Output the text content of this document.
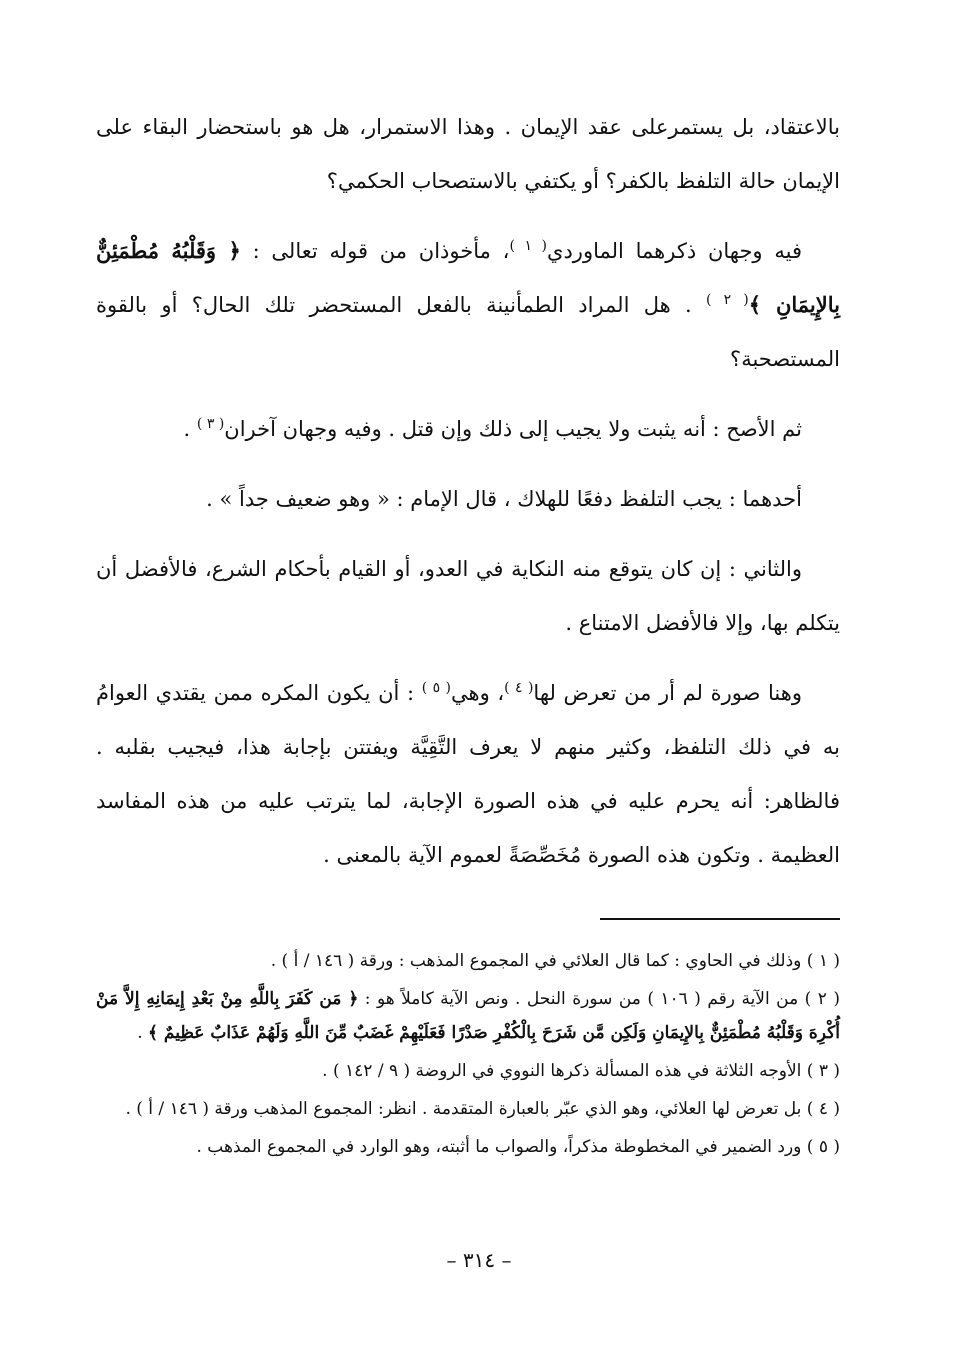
بالاعتقاد، بل يستمرعلى عقد الإيمان . وهذا الاستمرار، هل هو باستحضار البقاء على الإيمان حالة التلفظ بالكفر؟ أو يكتفي بالاستصحاب الحكمي؟

فيه وجهان ذكرهما الماوردي$^{( ١ )}$، مأخوذان من قوله تعالى : ﴿ وَقَلْبُهُ مُطْمَئِنٌّ بِالإِيمَانِ ﴾$^{( ٢ )}$ . هل المراد الطمأنينة بالفعل المستحضر تلك الحال؟ أو بالقوة المستصحبة؟

ثم الأصح : أنه يثبت ولا يجيب إلى ذلك وإن قتل . وفيه وجهان آخران$^{( ٣ )}$ .

أحدهما : يجب التلفظ دفعًا للهلاك ، قال الإمام : « وهو ضعيف جداً » .

والثاني : إن كان يتوقع منه النكاية في العدو، أو القيام بأحكام الشرع، فالأفضل أن يتكلم بها، وإلا فالأفضل الامتناع .

وهنا صورة لم أر من تعرض لها$^{( ٤ )}$، وهي$^{( ٥ )}$ : أن يكون المكره ممن يقتدي العوامُ به في ذلك التلفظ، وكثير منهم لا يعرف التَّقِيَّة ويفتتن بإجابة هذا، فيجيب بقلبه . فالظاهر: أنه يحرم عليه في هذه الصورة الإجابة، لما يترتب عليه من هذه المفاسد العظيمة . وتكون هذه الصورة مُخَصِّصَةً لعموم الآية بالمعنى .

( ١ ) وذلك في الحاوي : كما قال العلائي في المجموع المذهب : ورقة ( ١٤٦ / أ ) .

( ٢ ) من الآية رقم ( ١٠٦ ) من سورة النحل . ونص الآية كاملاً هو : ﴿ مَن كَفَرَ بِاللَّهِ مِنْ بَعْدِ إِيمَانِهِ إِلاَّ مَنْ أُكْرِهَ وَقَلْبُهُ مُطْمَئِنٌّ بِالإِيمَانِ وَلَكِن مَّن شَرَحَ بِالْكُفْرِ صَدْرًا فَعَلَيْهِمْ غَضَبٌ مِّنَ اللَّهِ وَلَهُمْ عَذَابٌ عَظِيمٌ ﴾ .

( ٣ ) الأوجه الثلاثة في هذه المسألة ذكرها النووي في الروضة ( ٩ / ١٤٢ ) .

( ٤ ) بل تعرض لها العلائي، وهو الذي عبّر بالعبارة المتقدمة . انظر: المجموع المذهب ورقة ( ١٤٦ / أ ) .

( ٥ ) ورد الضمير في المخطوطة مذكراً، والصواب ما أثبته، وهو الوارد في المجموع المذهب .

– ٣١٤ –
